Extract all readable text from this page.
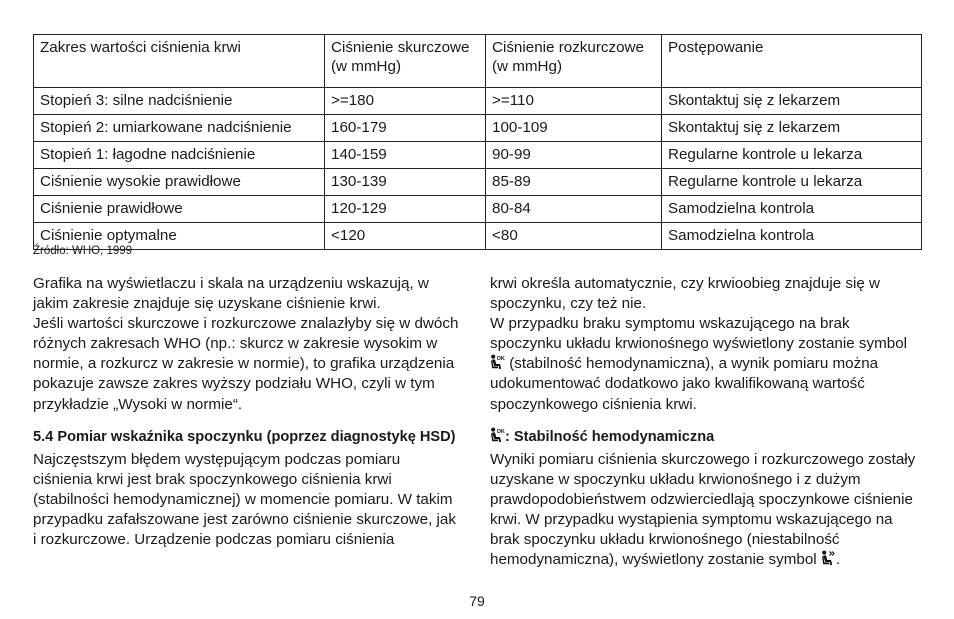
Zakres wartości ciśnienia krwi	Ciśnienie skurczowe (w mmHg)	Ciśnienie rozkurczowe (w mmHg)	Postępowanie
Stopień 3: silne nadciśnienie	>=180	>=110	Skontaktuj się z lekarzem
Stopień 2: umiarkowane nadciśnienie	160-179	100-109	Skontaktuj się z lekarzem
Stopień 1: łagodne nadciśnienie	140-159	90-99	Regularne kontrole u lekarza
Ciśnienie wysokie prawidłowe	130-139	85-89	Regularne kontrole u lekarza
Ciśnienie prawidłowe	120-129	80-84	Samodzielna kontrola
Ciśnienie optymalne	<120	<80	Samodzielna kontrola
Źródło: WHO, 1999

Grafika na wyświetlaczu i skala na urządzeniu wskazują, w jakim zakresie znajduje się uzyskane ciśnienie krwi.

Jeśli wartości skurczowe i rozkurczowe znalazłyby się w dwóch różnych zakresach WHO (np.: skurcz w zakresie wysokim w normie, a rozkurcz w zakresie w normie), to grafika urządzenia pokazuje zawsze zakres wyższy podziału WHO, czyli w tym przykładzie „Wysoki w normie“.

5.4 Pomiar wskaźnika spoczynku (poprzez diagnostykę HSD)

Najczęstszym błędem występującym podczas pomiaru ciśnienia krwi jest brak spoczynkowego ciśnienia krwi (stabilności hemodynamicznej) w momencie pomiaru. W takim przypadku zafałszowane jest zarówno ciśnienie skurczowe, jak i rozkurczowe. Urządzenie podczas pomiaru ciśnienia

krwi określa automatycznie, czy krwioobieg znajduje się w spoczynku, czy też nie.

W przypadku braku symptomu wskazującego na brak spoczynku układu krwionośnego wyświetlony zostanie symbol
OK (stabilność hemodynamiczna), a wynik pomiaru można udokumentować dodatkowo jako kwalifikowaną wartość spoczynkowego ciśnienia krwi.

OK : Stabilność hemodynamiczna

Wyniki pomiaru ciśnienia skurczowego i rozkurczowego zostały uzyskane w spoczynku układu krwionośnego i z dużym prawdopodobieństwem odzwierciedlają spoczynkowe ciśnienie krwi. W przypadku wystąpienia symptomu wskazującego na brak spoczynku układu krwionośnego (niestabilność hemodynamiczna), wyświetlony zostanie symbol .

79
